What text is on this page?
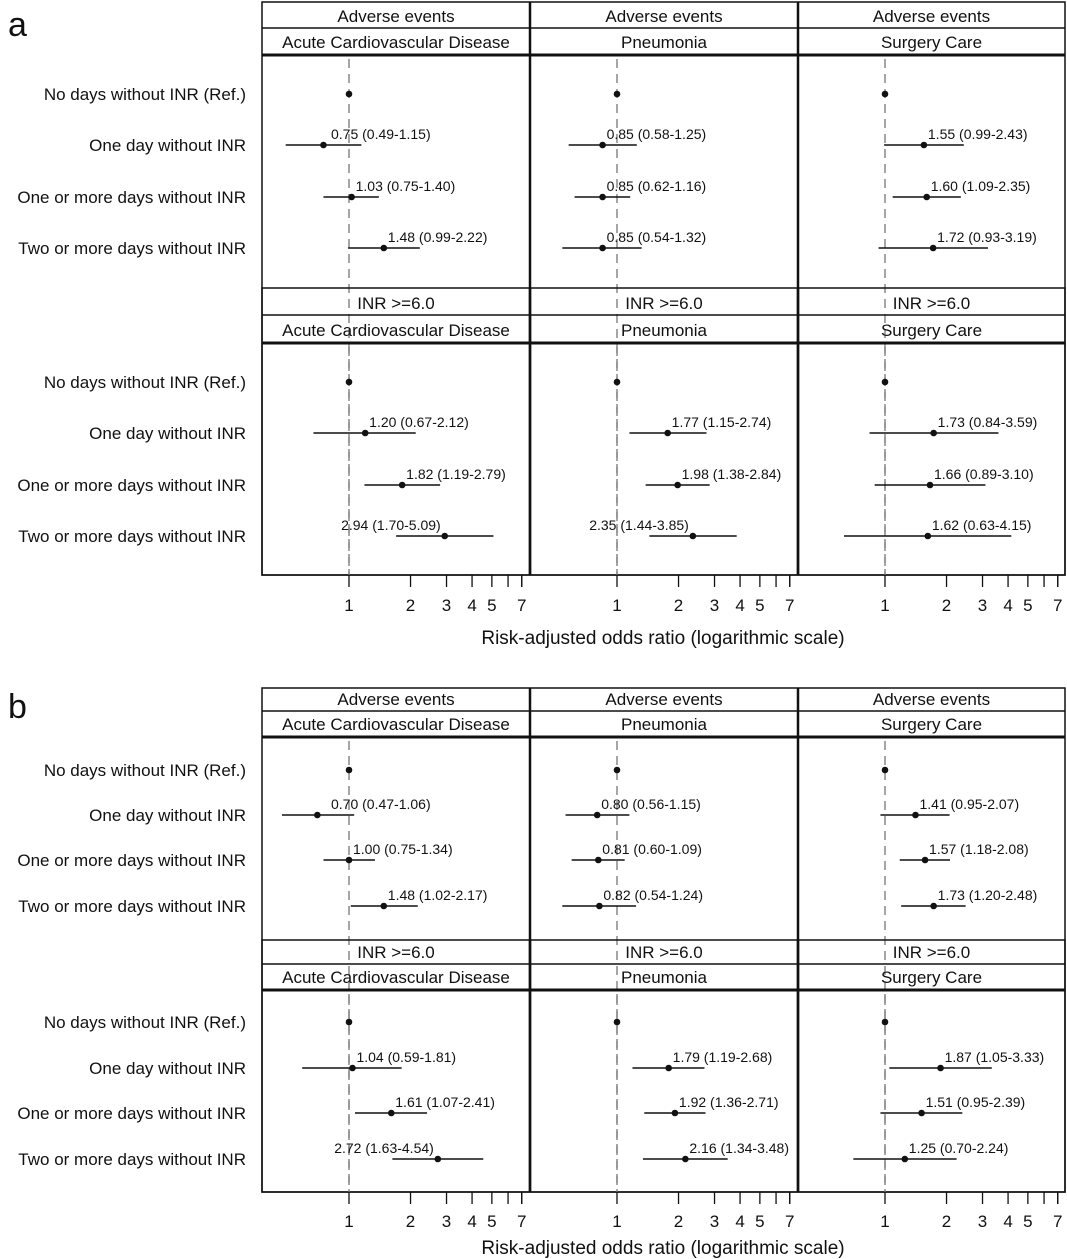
a
No days without INR (Ref.)
One day without INR
One or more days without INR
Two or more days without INR
Adverse events
Acute Cardiovascular Disease
0.75 (0.49-1.15)
1.03 (0.75-1.40)
1.48 (0.99-2.22)
Adverse events
Pneumonia
0.85 (0.58-1.25)
0.85 (0.62-1.16)
0.85 (0.54-1.32)
Adverse events
Surgery Care
1.55 (0.99-2.43)
1.60 (1.09-2.35)
1.72 (0.93-3.19)
No days without INR (Ref.)
One day without INR
One or more days without INR
Two or more days without INR
INR >=6.0
Acute Cardiovascular Disease
1.20 (0.67-2.12)
1.82 (1.19-2.79)
2.94 (1.70-5.09)
INR >=6.0
Pneumonia
1.77 (1.15-2.74)
1.98 (1.38-2.84)
2.35 (1.44-3.85)
INR >=6.0
Surgery Care
1.73 (0.84-3.59)
1.66 (0.89-3.10)
1.62 (0.63-4.15)
1	2 3 4 5 7	1	2 3 4 5 7	1	2 3 4 5 7
Risk-adjusted odds ratio (logarithmic scale)
b
No days without INR (Ref.)
One day without INR
One or more days without INR
Two or more days without INR
Adverse events
Acute Cardiovascular Disease
0.70 (0.47-1.06)
1.00 (0.75-1.34)
1.48 (1.02-2.17)
Adverse events
Pneumonia
0.80 (0.56-1.15)
0.81 (0.60-1.09)
0.82 (0.54-1.24)
Adverse events
Surgery Care
1.41 (0.95-2.07)
1.57 (1.18-2.08)
1.73 (1.20-2.48)
No days without INR (Ref.)
One day without INR
One or more days without INR
Two or more days without INR
INR >=6.0
Acute Cardiovascular Disease
1.04 (0.59-1.81)
1.61 (1.07-2.41)
2.72 (1.63-4.54)
INR >=6.0
Pneumonia
1.79 (1.19-2.68)
1.92 (1.36-2.71)
2.16 (1.34-3.48)
INR >=6.0
Surgery Care
1.87 (1.05-3.33)
1.51 (0.95-2.39)
1.25 (0.70-2.24)
1	2 3 4 5 7	1	2 3 4 5 7	1	2 3 4 5 7
Risk-adjusted odds ratio (logarithmic scale)
